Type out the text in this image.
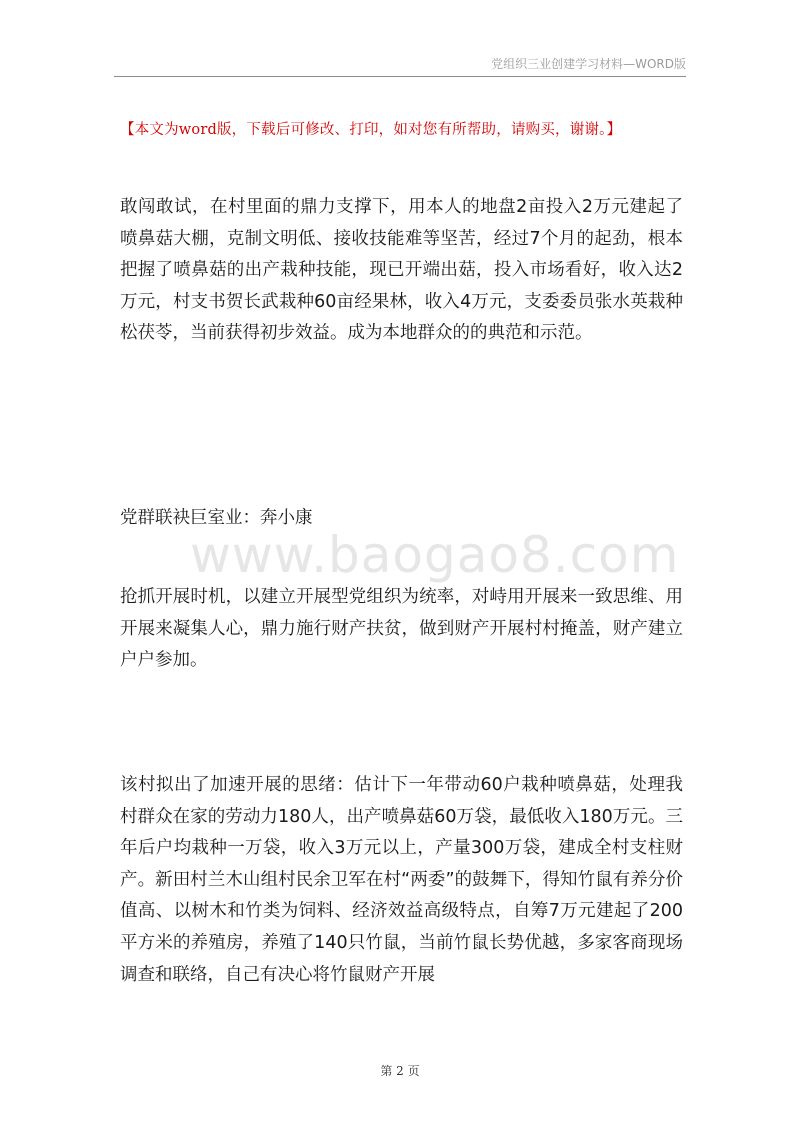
党组织三业创建学习材料—WORD版
【本文为word版，下载后可修改、打印，如对您有所帮助，请购买，谢谢。】
www.baogao8.com

敢闯敢试，在村里面的鼎力支撑下，用本人的地盘2亩投入2万元建起了喷鼻菇大棚，克制文明低、接收技能难等坚苦，经过7个月的起劲，根本把握了喷鼻菇的出产栽种技能，现已开端出菇，投入市场看好，收入达2万元，村支书贺长武栽种60亩经果林，收入4万元，支委委员张水英栽种松茯苓，当前获得初步效益。成为本地群众的的典范和示范。

党群联袂巨室业：奔小康

抢抓开展时机，以建立开展型党组织为统率，对峙用开展来一致思维、用开展来凝集人心，鼎力施行财产扶贫，做到财产开展村村掩盖，财产建立户户参加。

该村拟出了加速开展的思绪：估计下一年带动60户栽种喷鼻菇，处理我村群众在家的劳动力180人，出产喷鼻菇60万袋，最低收入180万元。三年后户均栽种一万袋，收入3万元以上，产量300万袋，建成全村支柱财产。新田村兰木山组村民余卫军在村“两委”的鼓舞下，得知竹鼠有养分价值高、以树木和竹类为饲料、经济效益高级特点，自筹7万元建起了200平方米的养殖房，养殖了140只竹鼠，当前竹鼠长势优越，多家客商现场调查和联络，自己有决心将竹鼠财产开展

第 2 页
